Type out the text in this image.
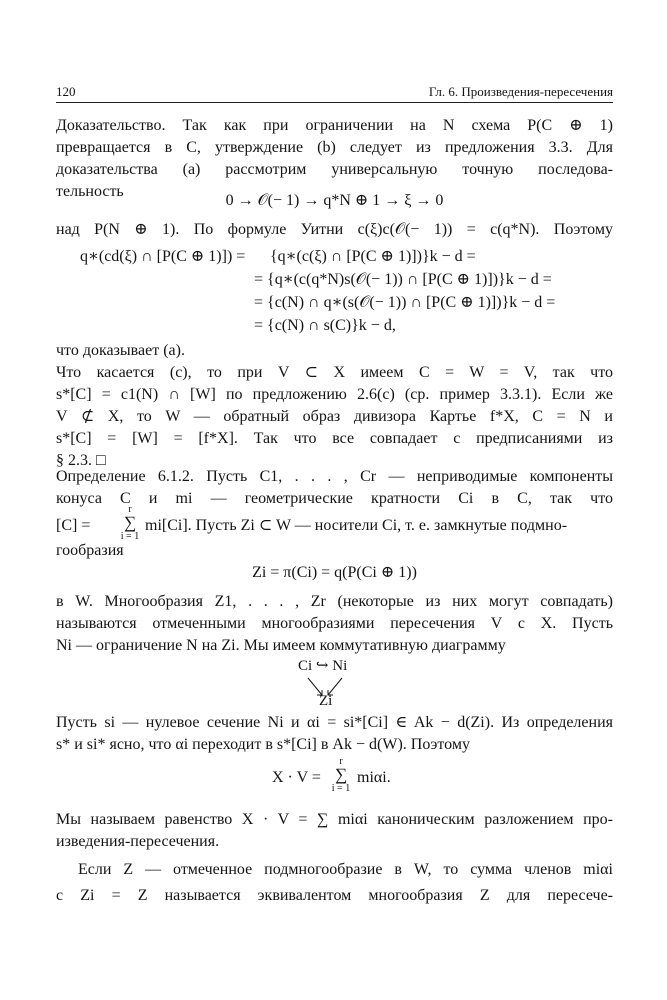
120	Гл. 6. Произведения-пересечения
Доказательство. Так как при ограничении на N схема P(C ⊕ 1)
превращается в C, утверждение (b) следует из предложения 3.3. Для
доказательства (a) рассмотрим универсальную точную последова-
тельность
0 → 𝒪(− 1) → q*N ⊕ 1 → ξ → 0
над P(N ⊕ 1). По формуле Уитни c(ξ)c(𝒪(− 1)) = c(q*N). Поэтому
q∗(cd(ξ) ∩ [P(C ⊕ 1)]) = {q∗(c(ξ) ∩ [P(C ⊕ 1)])}k − d =
= {q∗(c(q*N)s(𝒪(− 1)) ∩ [P(C ⊕ 1)])}k − d =
= {c(N) ∩ q∗(s(𝒪(− 1)) ∩ [P(C ⊕ 1)])}k − d =
= {c(N) ∩ s(C)}k − d,
что доказывает (a).
Что касается (c), то при V ⊂ X имеем C = W = V, так что
s*[C] = c1(N) ∩ [W] по предложению 2.6(c) (ср. пример 3.3.1). Если же
V ⊄ X, то W — обратный образ дивизора Картье f*X, C = N и
s*[C] = [W] = [f*X]. Так что все совпадает с предписаниями из
§ 2.3. □
Определение 6.1.2. Пусть C1, . . . , Cr — неприводимые компоненты
конуса C и mi — геометрические кратности Ci в C, так что
[C] =
r
∑
i = 1
mi[Ci]. Пусть Zi ⊂ W — носители Ci, т. е. замкнутые подмно-
гообразия
Zi = π(Ci) = q(P(Ci ⊕ 1))
в W. Многообразия Z1, . . . , Zr (некоторые из них могут совпадать)
называются отмеченными многообразиями пересечения V с X. Пусть
Ni — ограничение N на Zi. Мы имеем коммутативную диаграмму
Ci ↪ Ni
Zi
Пусть si — нулевое сечение Ni и αi = si*[Ci] ∈ Ak − d(Zi). Из определения
s* и si* ясно, что αi переходит в s*[Ci] в Ak − d(W). Поэтому
X · V =
r
∑
i = 1
miαi.
Мы называем равенство X · V = ∑ miαi каноническим разложением про-
изведения-пересечения.
Если Z — отмеченное подмногообразие в W, то сумма членов miαi
с Zi = Z называется эквивалентом многообразия Z для пересече-
